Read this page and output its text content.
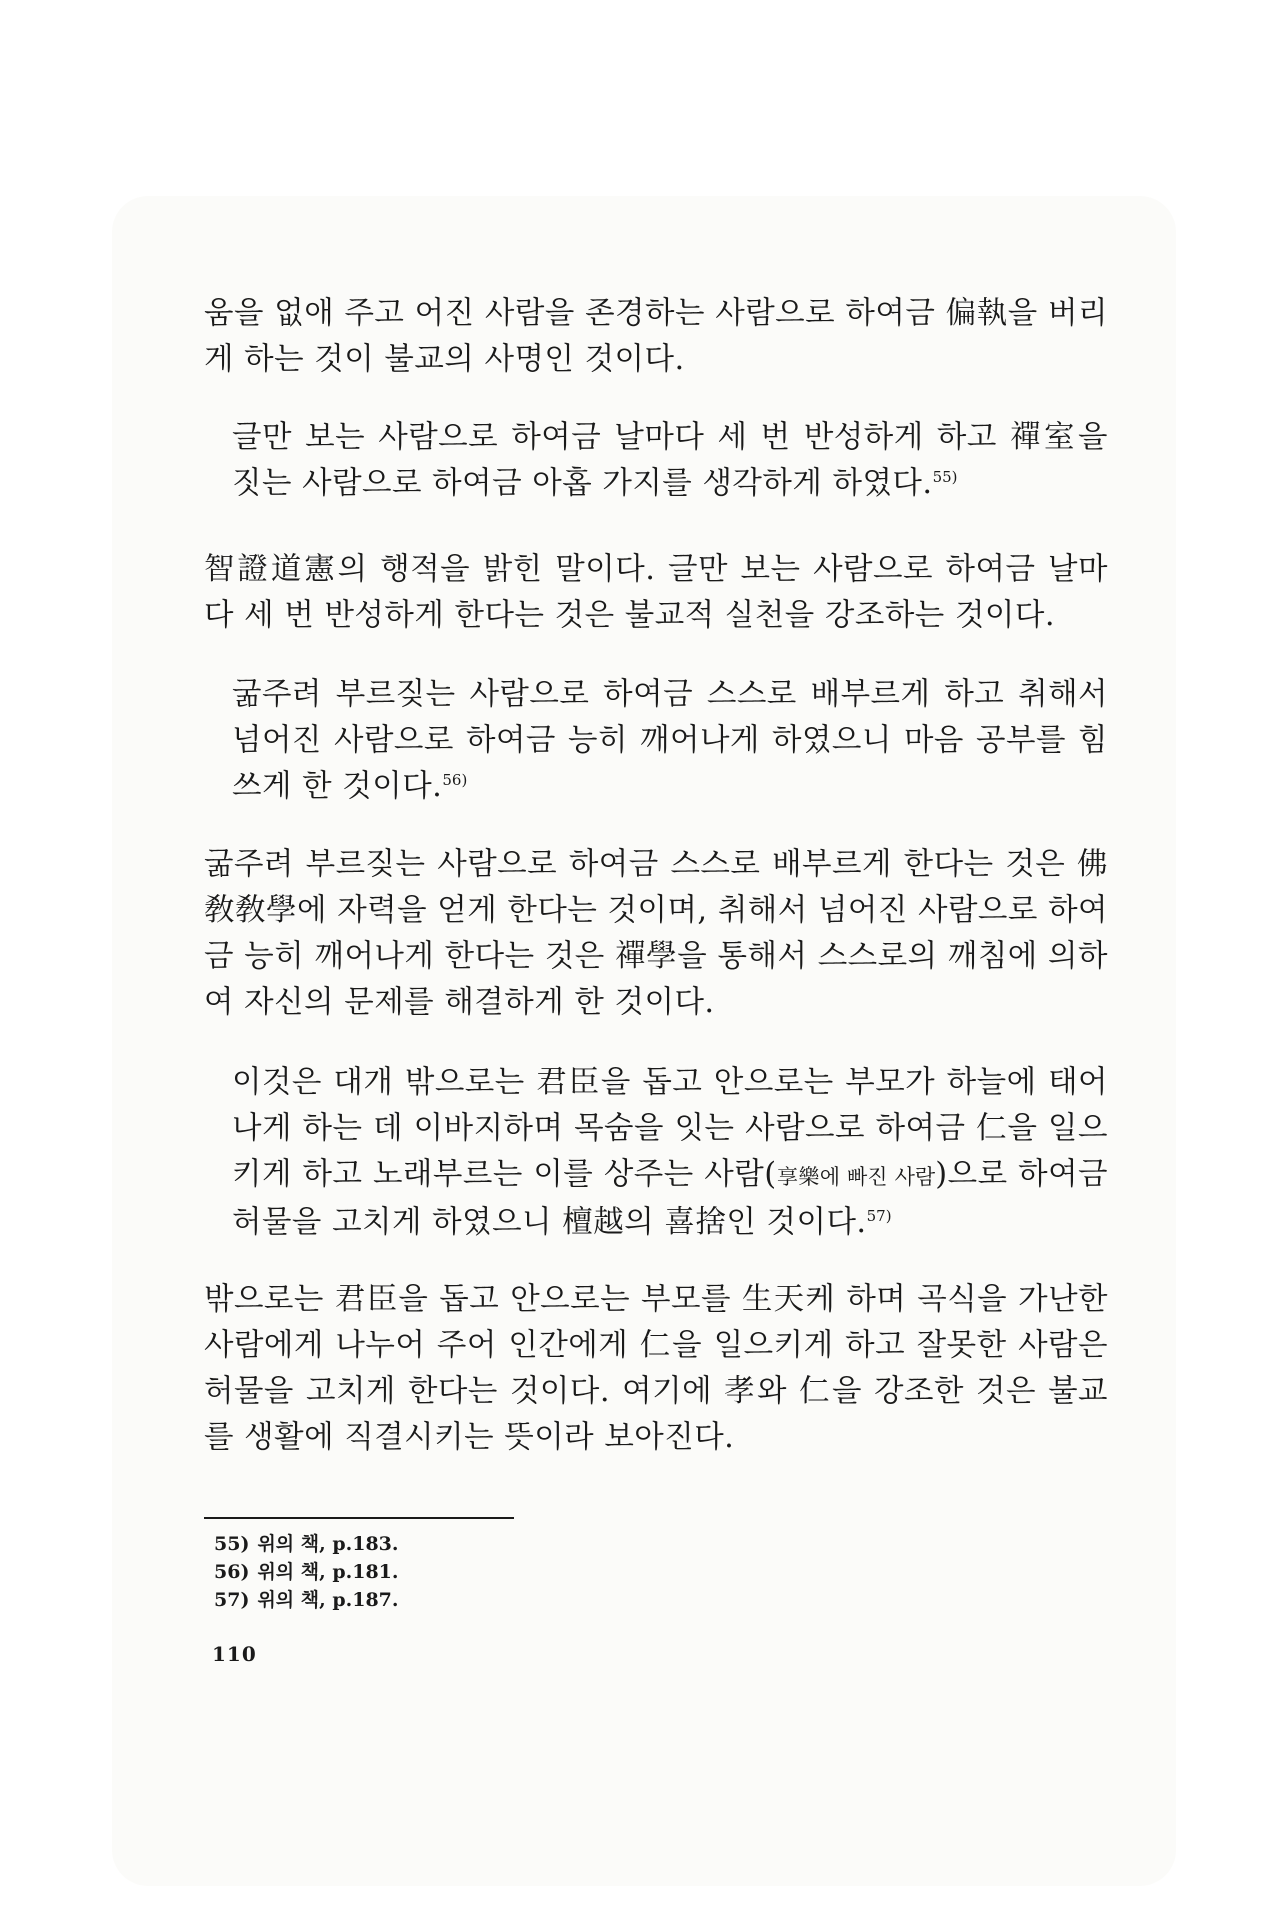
움을 없애 주고 어진 사람을 존경하는 사람으로 하여금 偏執을 버리게 하는 것이 불교의 사명인 것이다.

글만 보는 사람으로 하여금 날마다 세 번 반성하게 하고 禪室을 짓는 사람으로 하여금 아홉 가지를 생각하게 하였다.$^{55)}$

智證道憲의 행적을 밝힌 말이다. 글만 보는 사람으로 하여금 날마다 세 번 반성하게 한다는 것은 불교적 실천을 강조하는 것이다.

굶주려 부르짖는 사람으로 하여금 스스로 배부르게 하고 취해서 넘어진 사람으로 하여금 능히 깨어나게 하였으니 마음 공부를 힘쓰게 한 것이다.$^{56)}$

굶주려 부르짖는 사람으로 하여금 스스로 배부르게 한다는 것은 佛敎敎學에 자력을 얻게 한다는 것이며, 취해서 넘어진 사람으로 하여금 능히 깨어나게 한다는 것은 禪學을 통해서 스스로의 깨침에 의하여 자신의 문제를 해결하게 한 것이다.

이것은 대개 밖으로는 君臣을 돕고 안으로는 부모가 하늘에 태어나게 하는 데 이바지하며 목숨을 잇는 사람으로 하여금 仁을 일으키게 하고 노래부르는 이를 상주는 사람(享樂에 빠진 사람)으로 하여금 허물을 고치게 하였으니 檀越의 喜捨인 것이다.$^{57)}$

밖으로는 君臣을 돕고 안으로는 부모를 生天케 하며 곡식을 가난한 사람에게 나누어 주어 인간에게 仁을 일으키게 하고 잘못한 사람은 허물을 고치게 한다는 것이다. 여기에 孝와 仁을 강조한 것은 불교를 생활에 직결시키는 뜻이라 보아진다.

55) 위의 책, p.183.
56) 위의 책, p.181.
57) 위의 책, p.187.
110
